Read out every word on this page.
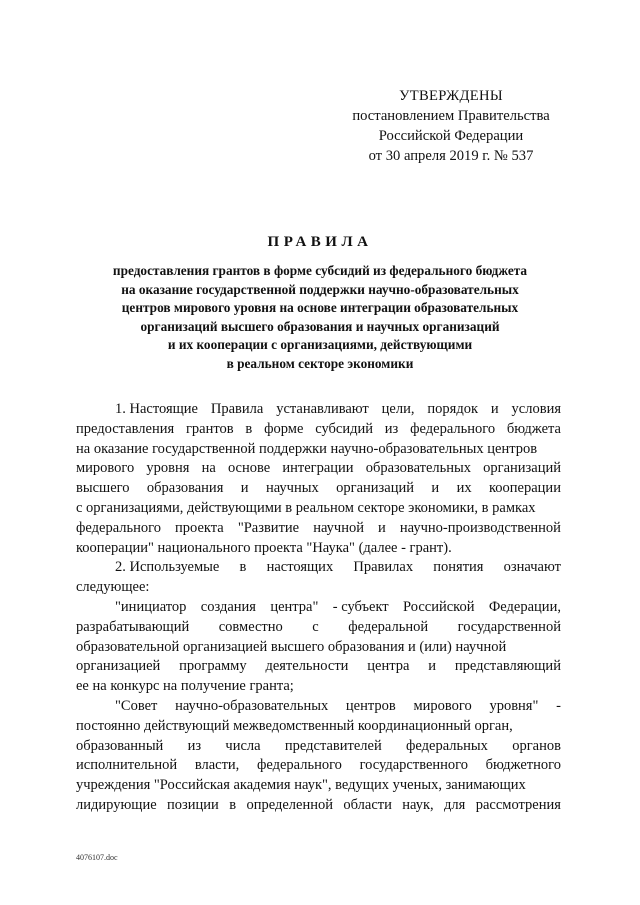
УТВЕРЖДЕНЫ
постановлением Правительства
Российской Федерации
от 30 апреля 2019 г. № 537
ПРАВИЛА
предоставления грантов в форме субсидий из федерального бюджета
на оказание государственной поддержки научно-образовательных
центров мирового уровня на основе интеграции образовательных
организаций высшего образования и научных организаций
и их кооперации с организациями, действующими
в реальном секторе экономики
1. Настоящие Правила устанавливают цели, порядок и условия
предоставления грантов в форме субсидий из федерального бюджета
на оказание государственной поддержки научно-образовательных центров
мирового уровня на основе интеграции образовательных организаций
высшего образования и научных организаций и их кооперации
с организациями, действующими в реальном секторе экономики, в рамках
федерального проекта "Развитие научной и научно-производственной
кооперации" национального проекта "Наука" (далее - грант).
2. Используемые в настоящих Правилах понятия означают
следующее:
"инициатор создания центра" - субъект Российской Федерации,
разрабатывающий совместно с федеральной государственной
образовательной организацией высшего образования и (или) научной
организацией программу деятельности центра и представляющий
ее на конкурс на получение гранта;
"Совет научно-образовательных центров мирового уровня" -
постоянно действующий межведомственный координационный орган,
образованный из числа представителей федеральных органов
исполнительной власти, федерального государственного бюджетного
учреждения "Российская академия наук", ведущих ученых, занимающих
лидирующие позиции в определенной области наук, для рассмотрения
4076107.doc
